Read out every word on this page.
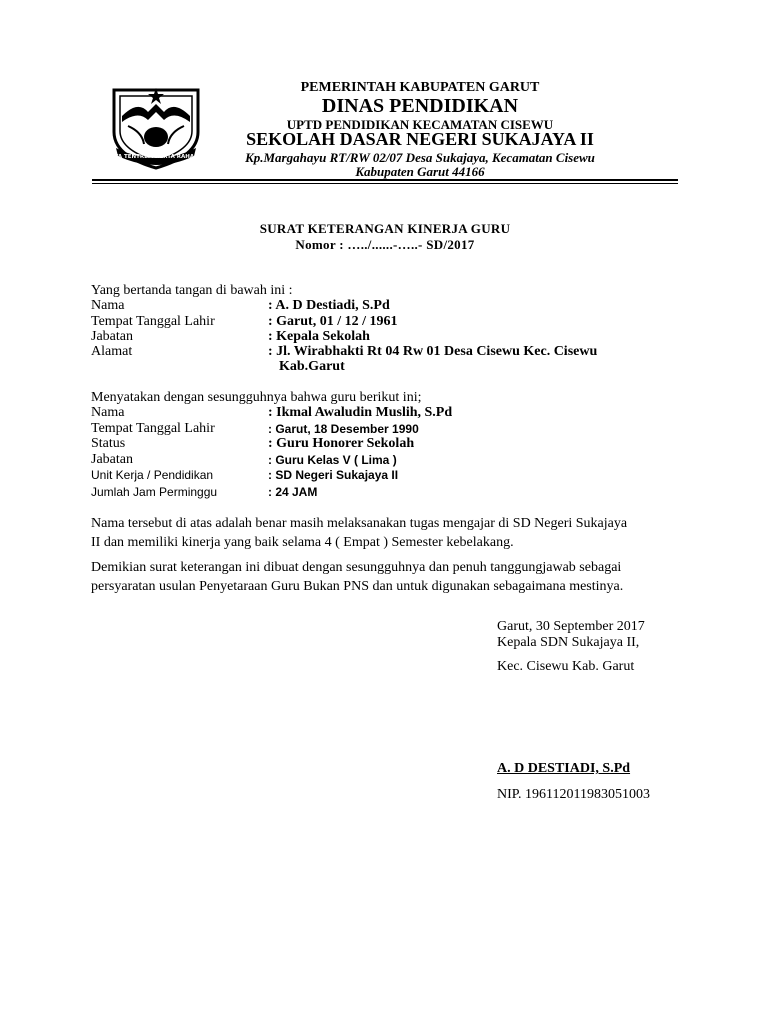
TATA TENTREM KERTA RAHARJA
PEMERINTAH KABUPATEN GARUT
DINAS PENDIDIKAN
UPTD PENDIDIKAN KECAMATAN CISEWU
SEKOLAH DASAR NEGERI SUKAJAYA II
Kp.Margahayu RT/RW 02/07 Desa Sukajaya, Kecamatan Cisewu
Kabupaten Garut 44166
SURAT KETERANGAN KINERJA GURU
Nomor : …../......-…..- SD/2017
Yang bertanda tangan di bawah ini :
Nama	: A. D Destiadi, S.Pd
Tempat Tanggal Lahir	: Garut, 01 / 12 / 1961
Jabatan	: Kepala Sekolah
Alamat	: Jl. Wirabhakti Rt 04 Rw 01 Desa Cisewu Kec. Cisewu
Kab.Garut
Menyatakan dengan sesungguhnya bahwa guru berikut ini;
Nama	: Ikmal Awaludin Muslih, S.Pd
Tempat Tanggal Lahir	: Garut, 18 Desember 1990
Status	: Guru Honorer Sekolah
Jabatan	: Guru Kelas V ( Lima )
Unit Kerja / Pendidikan	: SD Negeri Sukajaya II
Jumlah Jam Perminggu	: 24 JAM
Nama tersebut di atas adalah benar masih melaksanakan tugas mengajar di SD Negeri Sukajaya
II dan memiliki kinerja yang baik selama 4 ( Empat ) Semester kebelakang.
Demikian surat keterangan ini dibuat dengan sesungguhnya dan penuh tanggungjawab sebagai
persyaratan usulan Penyetaraan Guru Bukan PNS dan untuk digunakan sebagaimana mestinya.
Garut, 30 September 2017
Kepala SDN Sukajaya II,
Kec. Cisewu Kab. Garut
A. D DESTIADI, S.Pd
NIP. 196112011983051003
